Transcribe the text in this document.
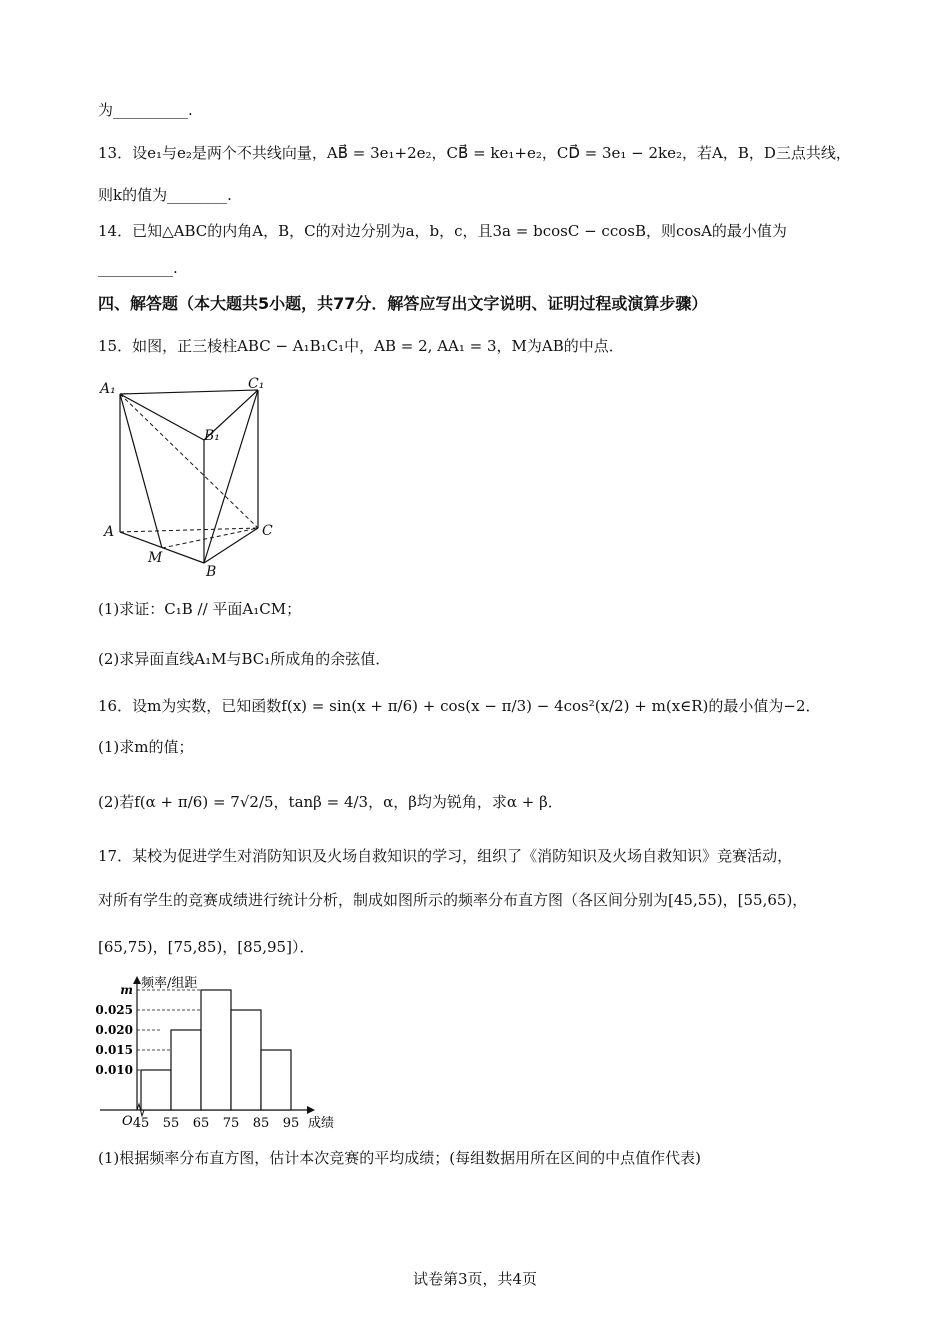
为__________.
13．设e₁与e₂是两个不共线向量，AB⃗ = 3e₁+2e₂，CB⃗ = ke₁+e₂，CD⃗ = 3e₁ − 2ke₂，若A，B，D三点共线，
则k的值为________.
14．已知△ABC的内角A，B，C的对边分别为a，b，c，且3a = bcosC − ccosB，则cosA的最小值为
__________.
四、解答题（本大题共5小题，共77分．解答应写出文字说明、证明过程或演算步骤）
15．如图，正三棱柱ABC − A₁B₁C₁中，AB = 2, AA₁ = 3，M为AB的中点．
A₁	C₁
B₁
A	C
M
B
(1)求证：C₁B // 平面A₁CM；
(2)求异面直线A₁M与BC₁所成角的余弦值．
16．设m为实数，已知函数f(x) = sin(x + π/6) + cos(x − π/3) − 4cos²(x/2) + m(x∈R)的最小值为−2．
(1)求m的值；
(2)若f(α + π/6) = 7√2/5，tanβ = 4/3，α，β均为锐角，求α + β．
17．某校为促进学生对消防知识及火场自救知识的学习，组织了《消防知识及火场自救知识》竞赛活动，
对所有学生的竞赛成绩进行统计分析，制成如图所示的频率分布直方图（各区间分别为[45,55)，[55,65)，
[65,75)，[75,85)，[85,95]）．
0.010
0.015
0.020
0.025
m
45 55 65 75 85 95
O	成绩
频率/组距
(1)根据频率分布直方图，估计本次竞赛的平均成绩；(每组数据用所在区间的中点值作代表)
试卷第3页，共4页
